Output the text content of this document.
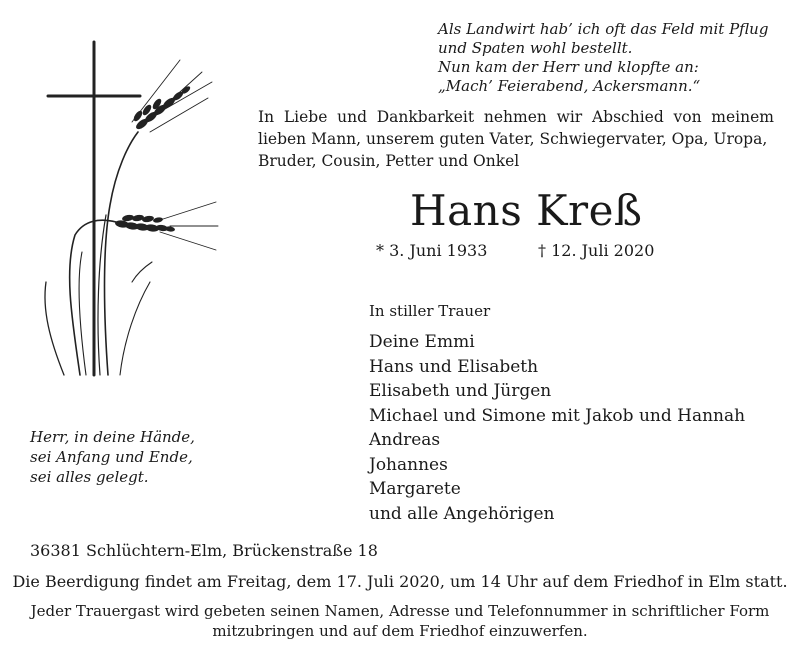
Als Landwirt hab’ ich oft das Feld mit Pflug
und Spaten wohl bestellt.
Nun kam der Herr und klopfte an:
„Mach’ Feierabend, Ackersmann.“
In Liebe und Dankbarkeit nehmen wir Abschied von meinem lieben Mann, unserem guten Vater, Schwiegervater, Opa, Uropa,
Bruder, Cousin, Petter und Onkel
Hans Kreß
* 3. Juni 1933	† 12. Juli 2020
In stiller Trauer
Deine Emmi
Hans und Elisabeth
Elisabeth und Jürgen
Michael und Simone mit Jakob und Hannah
Andreas
Johannes
Margarete
und alle Angehörigen
Herr, in deine Hände,
sei Anfang und Ende,
sei alles gelegt.
36381 Schlüchtern-Elm, Brückenstraße 18
Die Beerdigung findet am Freitag, dem 17. Juli 2020, um 14 Uhr auf dem Friedhof in Elm statt.
Jeder Trauergast wird gebeten seinen Namen, Adresse und Telefonnummer in schriftlicher Form
mitzubringen und auf dem Friedhof einzuwerfen.
